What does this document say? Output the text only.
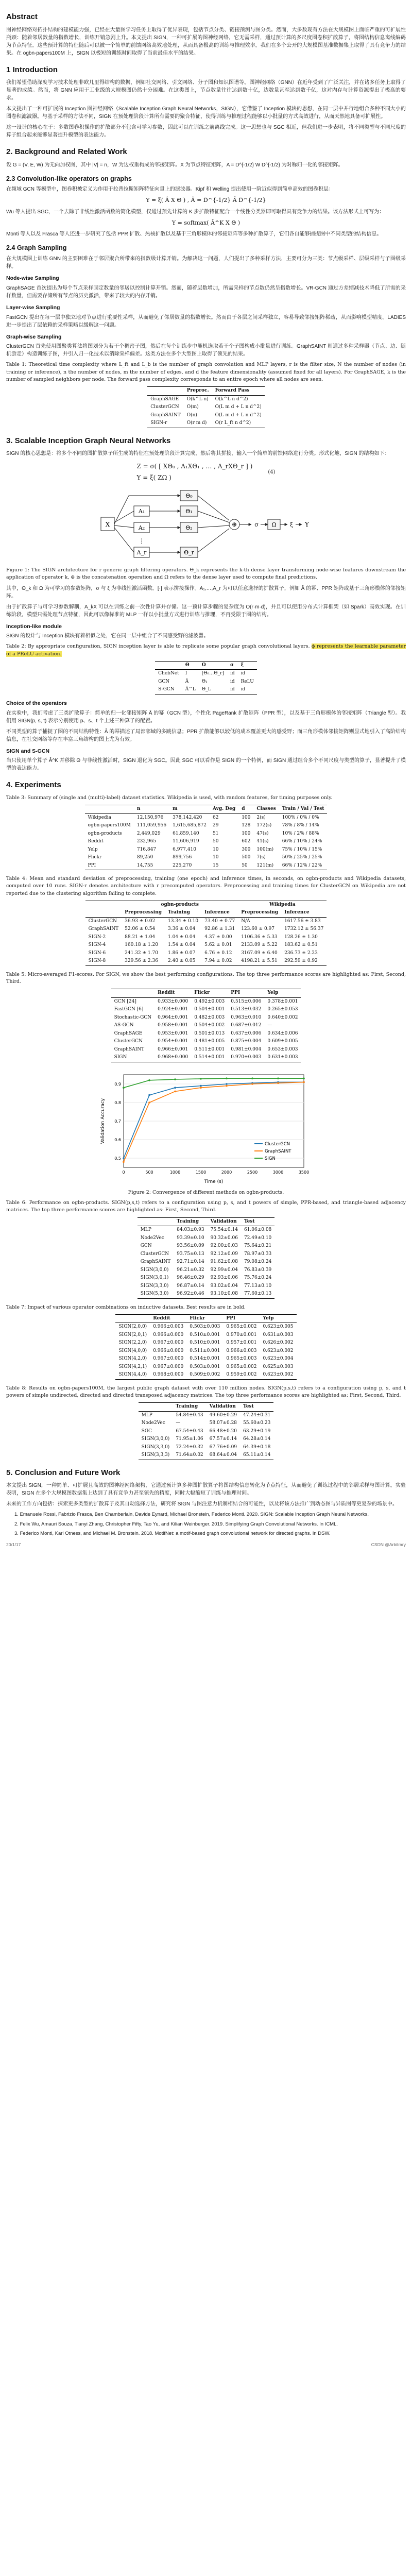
Abstract

图神经网络对拓扑结构的建模能力强，已经在大量图学习任务上取得了优异表现，包括节点分类、链接预测与图分类。然而，大多数现有方法在大规模图上面临严重的可扩展性瓶颈：随着邻居数量的指数增长，训练开销急剧上升。本文提出 SIGN，一种可扩展的图神经网络，它无需采样，通过预计算的多尺度图卷积扩散算子，将图结构信息离线编码为节点特征。这些预计算的特征随后可以被一个简单的前馈网络高效地处理，从而具备极高的训练与推理效率。我们在多个公开的大规模图基准数据集上取得了具有竞争力的结果。在 ogbn-papers100M 上，SIGN 以极短的训练时间取得了当前最佳水平的结果。

1 Introduction

我们希望借助深度学习技术处理非欧几里得结构的数据，例如社交网络、引文网络、分子图和知识图谱等。图神经网络（GNN）在近年受到了广泛关注，并在诸多任务上取得了显著的成绩。然而，将 GNN 应用于工业级的大规模图仍然十分困难。在这类图上，节点数量往往达到数十亿，边数量甚至达到数千亿，这对内存与计算资源提出了极高的要求。

本文提出了一种可扩展的 Inception 图神经网络（Scalable Inception Graph Neural Networks，SIGN），它借鉴了 Inception 模块的思想，在同一层中并行地组合多种不同大小的图卷积滤波器。与基于采样的方法不同，SIGN 在预处理阶段计算所有需要的聚合特征，使得训练与推理过程能够以小批量的方式高效进行，从而天然地具备可扩展性。

这一设计的核心在于：多数图卷积操作的扩散部分不包含可学习参数，因此可以在训练之前离线完成。这一思想也与 SGC 相近，但我们进一步表明，将不同类型与不同尺度的算子组合起来能够显著提升模型的表达能力。

2. Background and Related Work

设 G = (V, E, W) 为无向加权图，其中 |V| = n，W 为边权重构成的邻接矩阵。X 为节点特征矩阵，A = D^{-1/2} W D^{-1/2} 为对称归一化的邻接矩阵。

2.3 Convolution-like operators on graphs

在频域 GCN 等模型中，图卷积被定义为作用于拉普拉斯矩阵特征向量上的滤波器。Kipf 和 Welling 提出使用一阶近似得到简单高效的图卷积层：

Y = ξ( Â X Θ ) , Â = D̃^{-1/2} Ã D̃^{-1/2}

Wu 等人提出 SGC，一个去除了非线性激活函数的简化模型，仅通过预先计算的 K 步扩散特征配合一个线性分类器即可取得具有竞争力的结果。该方法形式上可写为：

Y = softmax( Â^K X Θ )

Monti 等人以及 Frasca 等人还进一步研究了包括 PPR 扩散、热核扩散以及基于三角形模体的邻接矩阵等多种扩散算子，它们各自能够捕捉图中不同类型的结构信息。

2.4 Graph Sampling

在大规模图上训练 GNN 的主要困难在于邻居聚合所带来的指数级计算开销。为解决这一问题，人们提出了多种采样方法，主要可分为三类：节点级采样、层级采样与子图级采样。

Node-wise Sampling

GraphSAGE 首次提出为每个节点采样固定数量的邻居以控制计算开销。然而，随着层数增加，所需采样的节点数仍然呈指数增长。VR-GCN 通过方差缩减技术降低了所需的采样数量，但需要存储所有节点的历史激活，带来了较大的内存开销。

Layer-wise Sampling

FastGCN 提出在每一层中独立地对节点进行重要性采样，从而避免了邻居数量的指数增长。然而由于各层之间采样独立，容易导致邻接矩阵稀疏，从而影响模型精度。LADIES 进一步提出了层依赖的采样策略以缓解这一问题。

Graph-wise Sampling

ClusterGCN 首先使用图聚类算法将图划分为若干个稠密子图，然后在每个训练步中随机选取若干个子图构成小批量进行训练。GraphSAINT 则通过多种采样器（节点、边、随机游走）构造训练子图，并引入归一化技术以消除采样偏差。这类方法在多个大型图上取得了领先的结果。

Table 1: Theoretical time complexity where L_ft and L_b is the number of graph convolution and MLP layers, r is the filter size, N the number of nodes (in training or inference), n the number of nodes, m the number of edges, and d the feature dimensionality (assumed fixed for all layers). For GraphSAGE, k is the number of sampled neighbors per node. The forward pass complexity corresponds to an entire epoch where all nodes are seen.
	Preproc.	Forward Pass
GraphSAGE	O(k^L n)	O(k^L n d^2)
ClusterGCN	O(m)	O(L m d + L n d^2)
GraphSAINT	O(n)	O(L m d + L n d^2)
SIGN-r	O(r m d)	O(r L_ft n d^2)
3. Scalable Inception Graph Neural Networks

SIGN 的核心思想是：将多个不同的图扩散算子所生成的特征在预处理阶段计算完成，然后将其拼接，输入一个简单的前馈网络进行分类。形式化地，SIGN 的结构如下：

Z = σ( [ XΘ₀ , A₁XΘ₁ , … , A_rXΘ_r ] )
Y = ξ( ZΩ )
(4)
X
Θ₀
A₁	Θ₁
A₂	Θ₂
⋮
A_r	Θ_r
⊕	σ Ω ξ Y
Figure 1: The SIGN architecture for r generic graph filtering operators. Θ_k represents the k-th dense layer transforming node-wise features downstream the application of operator k, ⊕ is the concatenation operation and Ω refers to the dense layer used to compute final predictions.

其中，Θ_k 和 Ω 为可学习的参数矩阵，σ 与 ξ 为非线性激活函数。[·] 表示拼接操作。A₁,…,A_r 为可以任意选择的扩散算子，例如 Â 的幂、PPR 矩阵或基于三角形模体的邻接矩阵。

由于扩散算子与可学习参数解耦，A_kX 可以在训练之前一次性计算并存储。这一预计算步骤的复杂度为 O(r·m·d)，并且可以使用分布式计算框架（如 Spark）高效实现。在训练阶段，模型只需处理节点特征，因此可以像标准的 MLP 一样以小批量方式进行训练与推理，不再受限于图的结构。

Inception-like module

SIGN 的设计与 Inception 模块有着相似之处，它在同一层中组合了不同感受野的滤波器。

Table 2: By appropriate configuration, SIGN inception layer is able to replicate some popular graph convolutional layers. ϕ represents the learnable parameter of a PReLU activation.
	Θ	Ω	σ	ξ
ChebNet	I	[Θ₀…Θ_r]	id	id
GCN	Â	Θ₁	id	ReLU
S-GCN	Â^L	Θ_L	id	id
Choice of the operators

在实验中，我们考虑了三类扩散算子：简单的归一化邻接矩阵 Â 的幂（GCN 型），个性化 PageRank 扩散矩阵（PPR 型），以及基于三角形模体的邻接矩阵（Triangle 型）。我们用 SIGN(p, s, t) 表示分别使用 p、s、t 个上述三种算子的配置。

不同类型的算子捕捉了图的不同结构特性：Â 的幂描述了局部邻域的多跳信息；PPR 扩散能够以较低的成本覆盖更大的感受野；而三角形模体邻接矩阵则显式地引入了高阶结构信息，在社交网络等存在丰富三角结构的图上尤为有效。

SIGN and S-GCN

当只使用单个算子 Â^K 并移除 Θ 与非线性激活时，SIGN 退化为 SGC。因此 SGC 可以看作是 SIGN 的一个特例，而 SIGN 通过组合多个不同尺度与类型的算子，显著提升了模型的表达能力。

4. Experiments
Table 3: Summary of (single and (multi)-label) dataset statistics. Wikipedia is used, with random features, for timing purposes only.
	n	m	Avg. Deg	d	Classes	Train / Val / Test
Wikipedia	12,150,976	378,142,420	62	100	2(s)	100% / 0% / 0%
ogbn-papers100M	111,059,956	1,615,685,872	29	128	172(s)	78% / 8% / 14%
ogbn-products	2,449,029	61,859,140	51	100	47(s)	10% / 2% / 88%
Reddit	232,965	11,606,919	50	602	41(s)	66% / 10% / 24%
Yelp	716,847	6,977,410	10	300	100(m)	75% / 10% / 15%
Flickr	89,250	899,756	10	500	7(s)	50% / 25% / 25%
PPI	14,755	225,270	15	50	121(m)	66% / 12% / 22%
Table 4: Mean and standard deviation of preprocessing, training (one epoch) and inference times, in seconds, on ogbn-products and Wikipedia datasets, computed over 10 runs. SIGN-r denotes architecture with r precomputed operators. Preprocessing and training times for ClusterGCN on Wikipedia are not reported due to the clustering algorithm failing to complete.
	ogbn-products			Wikipedia	
	Preprocessing	Training	Inference	Preprocessing	Inference
ClusterGCN	36.93 ± 0.02	13.34 ± 0.10	73.40 ± 0.77	N/A	1617.56 ± 3.83
GraphSAINT	52.06 ± 0.54	3.36 ± 0.04	92.86 ± 1.31	123.60 ± 0.97	1732.12 ± 56.37
SIGN-2	88.21 ± 1.04	1.04 ± 0.04	4.37 ± 0.00	1106.36 ± 5.33	128.26 ± 1.30
SIGN-4	160.18 ± 1.20	1.54 ± 0.04	5.62 ± 0.01	2133.09 ± 5.22	183.62 ± 0.51
SIGN-6	241.32 ± 1.70	1.86 ± 0.07	6.76 ± 0.12	3167.09 ± 6.40	236.73 ± 2.23
SIGN-8	329.56 ± 2.36	2.40 ± 0.05	7.94 ± 0.02	4198.21 ± 5.51	292.59 ± 0.92
Table 5: Micro-averaged F1-scores. For SIGN, we show the best performing configurations. The top three performance scores are highlighted as: First, Second, Third.
	Reddit	Flickr	PPI	Yelp
GCN [24]	0.933±0.000	0.492±0.003	0.515±0.006	0.378±0.001
FastGCN [6]	0.924±0.001	0.504±0.001	0.513±0.032	0.265±0.053
Stochastic-GCN	0.964±0.001	0.482±0.003	0.963±0.010	0.640±0.002
AS-GCN	0.958±0.001	0.504±0.002	0.687±0.012	—
GraphSAGE	0.953±0.001	0.501±0.013	0.637±0.006	0.634±0.006
ClusterGCN	0.954±0.001	0.481±0.005	0.875±0.004	0.609±0.005
GraphSAINT	0.966±0.001	0.511±0.001	0.981±0.004	0.653±0.003
SIGN	0.968±0.000	0.514±0.001	0.970±0.003	0.631±0.003
0.5
0.6
0.7
0.8
0.9
0	500	1000	1500	2000	2500	3000	3500
Time (s)
Validation Accuracy
ClusterGCN
GraphSAINT
SIGN
Figure 2: Convergence of different methods on ogbn-products.
Table 6: Performance on ogbn-products. SIGN(p,s,t) refers to a configuration using p, s, and t powers of simple, PPR-based, and triangle-based adjacency matrices. The top three performance scores are highlighted as: First, Second, Third.
	Training	Validation	Test
MLP	84.03±0.93	75.54±0.14	61.06±0.08
Node2Vec	93.39±0.10	90.32±0.06	72.49±0.10
GCN	93.56±0.09	92.00±0.03	75.64±0.21
ClusterGCN	93.75±0.13	92.12±0.09	78.97±0.33
GraphSAINT	92.71±0.14	91.62±0.08	79.08±0.24
SIGN(3,0,0)	96.21±0.32	92.99±0.04	76.83±0.39
SIGN(3,0,1)	96.46±0.29	92.93±0.06	75.76±0.24
SIGN(3,3,0)	96.87±0.14	93.02±0.04	77.13±0.10
SIGN(5,3,0)	96.92±0.46	93.10±0.08	77.60±0.13
Table 7: Impact of various operator combinations on inductive datasets. Best results are in bold.
	Reddit	Flickr	PPI	Yelp
SIGN(2,0,0)	0.966±0.003	0.503±0.003	0.965±0.002	0.623±0.005
SIGN(2,0,1)	0.966±0.000	0.510±0.001	0.970±0.001	0.631±0.003
SIGN(2,2,0)	0.967±0.000	0.510±0.001	0.957±0.001	0.626±0.002
SIGN(4,0,0)	0.966±0.000	0.511±0.001	0.966±0.003	0.623±0.002
SIGN(4,2,0)	0.967±0.000	0.514±0.001	0.965±0.003	0.623±0.004
SIGN(4,2,1)	0.967±0.000	0.503±0.001	0.965±0.002	0.625±0.003
SIGN(4,4,0)	0.968±0.000	0.509±0.002	0.959±0.002	0.623±0.002
Table 8: Results on ogbn-papers100M, the largest public graph dataset with over 110 million nodes. SIGN(p,s,t) refers to a configuration using p, s, and t powers of simple undirected, directed and directed transposed adjacency matrices. The top three performance scores are highlighted as: First, Second, Third.
	Training	Validation	Test
MLP	54.84±0.43	49.60±0.29	47.24±0.31
Node2Vec	—	58.07±0.28	55.60±0.23
SGC	67.54±0.43	66.48±0.20	63.29±0.19
SIGN(3,0,0)	71.95±1.06	67.57±0.14	64.28±0.14
SIGN(3,3,0)	72.24±0.32	67.76±0.09	64.39±0.18
SIGN(3,3,3)	71.64±0.02	68.64±0.04	65.11±0.14
5. Conclusion and Future Work

本文提出 SIGN，一种简单、可扩展且高效的图神经网络架构，它通过预计算多种图扩散算子将图结构信息转化为节点特征，从而避免了训练过程中的邻居采样与图计算。实验表明，SIGN 在多个大规模图数据集上达到了具有竞争力甚至领先的精度，同时大幅缩短了训练与推理时间。

未来的工作方向包括：探索更多类型的扩散算子及其自动选择方法，研究将 SIGN 与图注意力机制相结合的可能性，以及将该方法推广到动态图与异质图等更复杂的场景中。

1. Emanuele Rossi, Fabrizio Frasca, Ben Chamberlain, Davide Eynard, Michael Bronstein, Federico Monti. 2020. SIGN: Scalable Inception Graph Neural Networks.
2. Felix Wu, Amauri Souza, Tianyi Zhang, Christopher Fifty, Tao Yu, and Kilian Weinberger. 2019. Simplifying Graph Convolutional Networks. In ICML.
3. Federico Monti, Karl Otness, and Michael M. Bronstein. 2018. MotifNet: a motif-based graph convolutional network for directed graphs. In DSW.
20/1/17	CSDN @Arbitrary
